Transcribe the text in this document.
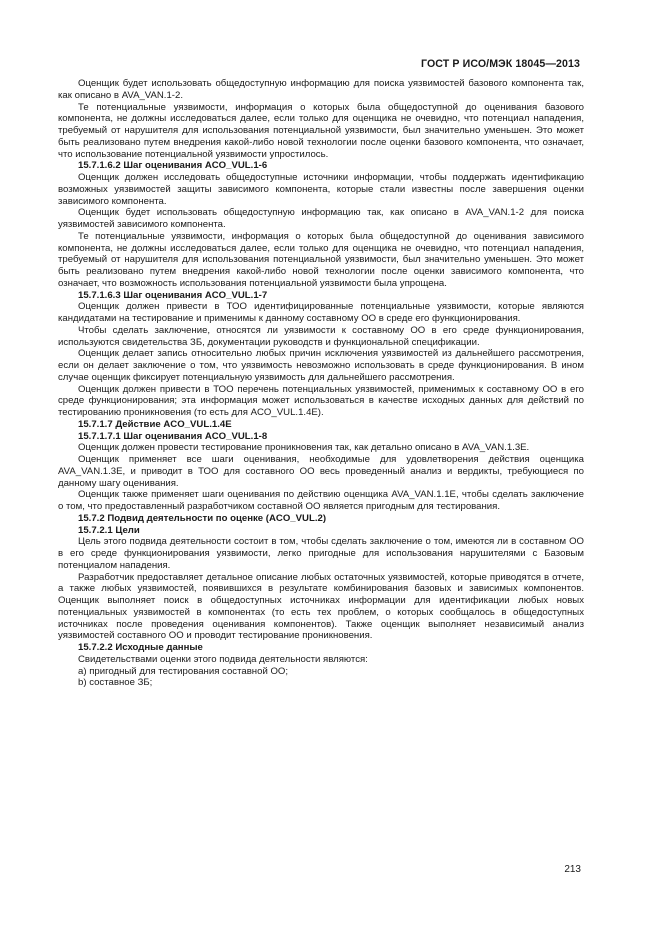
ГОСТ Р ИСО/МЭК 18045—2013

Оценщик будет использовать общедоступную информацию для поиска уязвимостей базового компонента так, как описано в AVA_VAN.1-2.

Те потенциальные уязвимости, информация о которых была общедоступной до оценивания базового компонента, не должны исследоваться далее, если только для оценщика не очевидно, что потенциал нападения, требуемый от нарушителя для использования потенциальной уязвимости, был значительно уменьшен. Это может быть реализовано путем внедрения какой-либо новой технологии после оценки базового компонента, что означает, что использование потенциальной уязвимости упростилось.

15.7.1.6.2 Шаг оценивания ACO_VUL.1-6

Оценщик должен исследовать общедоступные источники информации, чтобы поддержать идентификацию возможных уязвимостей защиты зависимого компонента, которые стали известны после завершения оценки зависимого компонента.

Оценщик будет использовать общедоступную информацию так, как описано в AVA_VAN.1-2 для поиска уязвимостей зависимого компонента.

Те потенциальные уязвимости, информация о которых была общедоступной до оценивания зависимого компонента, не должны исследоваться далее, если только для оценщика не очевидно, что потенциал нападения, требуемый от нарушителя для использования потенциальной уязвимости, был значительно уменьшен. Это может быть реализовано путем внедрения какой-либо новой технологии после оценки зависимого компонента, что означает, что возможность использования потенциальной уязвимости была упрощена.

15.7.1.6.3 Шаг оценивания ACO_VUL.1-7

Оценщик должен привести в ТОО идентифицированные потенциальные уязвимости, которые являются кандидатами на тестирование и применимы к данному составному ОО в среде его функционирования.

Чтобы сделать заключение, относятся ли уязвимости к составному ОО в его среде функционирования, используются свидетельства ЗБ, документации руководств и функциональной спецификации.

Оценщик делает запись относительно любых причин исключения уязвимостей из дальнейшего рассмотрения, если он делает заключение о том, что уязвимость невозможно использовать в среде функционирования. В ином случае оценщик фиксирует потенциальную уязвимость для дальнейшего рассмотрения.

Оценщик должен привести в ТОО перечень потенциальных уязвимостей, применимых к составному ОО в его среде функционирования; эта информация может использоваться в качестве исходных данных для действий по тестированию проникновения (то есть для ACO_VUL.1.4E).

15.7.1.7 Действие ACO_VUL.1.4E

15.7.1.7.1 Шаг оценивания ACO_VUL.1-8

Оценщик должен провести тестирование проникновения так, как детально описано в AVA_VAN.1.3E.

Оценщик применяет все шаги оценивания, необходимые для удовлетворения действия оценщика AVA_VAN.1.3E, и приводит в ТОО для составного ОО весь проведенный анализ и вердикты, требующиеся по данному шагу оценивания.

Оценщик также применяет шаги оценивания по действию оценщика AVA_VAN.1.1E, чтобы сделать заключение о том, что предоставленный разработчиком составной ОО является пригодным для тестирования.

15.7.2 Подвид деятельности по оценке (ACO_VUL.2)

15.7.2.1 Цели

Цель этого подвида деятельности состоит в том, чтобы сделать заключение о том, имеются ли в составном ОО в его среде функционирования уязвимости, легко пригодные для использования нарушителями с Базовым потенциалом нападения.

Разработчик предоставляет детальное описание любых остаточных уязвимостей, которые приводятся в отчете, а также любых уязвимостей, появившихся в результате комбинирования базовых и зависимых компонентов. Оценщик выполняет поиск в общедоступных источниках информации для идентификации любых новых потенциальных уязвимостей в компонентах (то есть тех проблем, о которых сообщалось в общедоступных источниках после проведения оценивания компонентов). Также оценщик выполняет независимый анализ уязвимостей составного ОО и проводит тестирование проникновения.

15.7.2.2 Исходные данные

Свидетельствами оценки этого подвида деятельности являются:

a) пригодный для тестирования составной ОО;

b) составное ЗБ;

213
